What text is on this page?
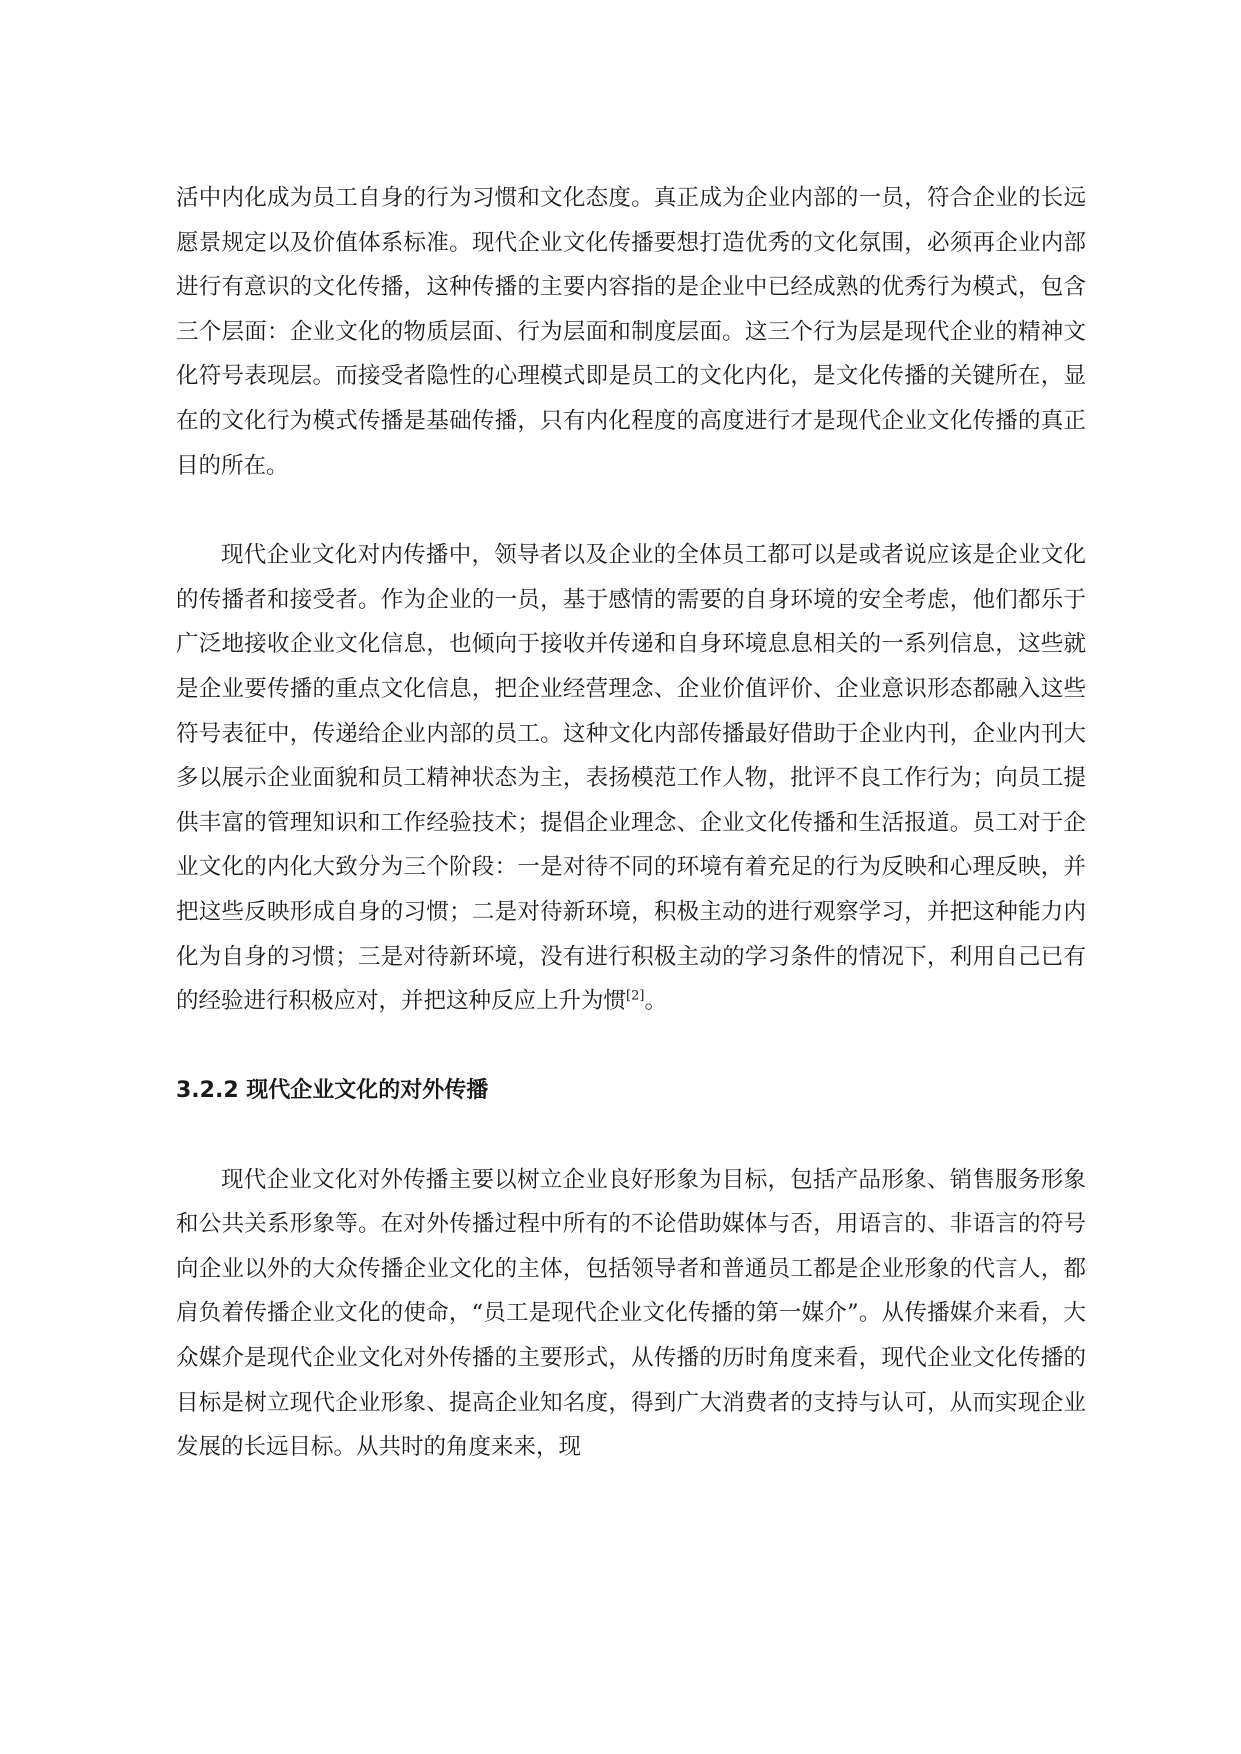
活中内化成为员工自身的行为习惯和文化态度。真正成为企业内部的一员，符合企业的长远愿景规定以及价值体系标准。现代企业文化传播要想打造优秀的文化氛围，必须再企业内部进行有意识的文化传播，这种传播的主要内容指的是企业中已经成熟的优秀行为模式，包含三个层面：企业文化的物质层面、行为层面和制度层面。这三个行为层是现代企业的精神文化符号表现层。而接受者隐性的心理模式即是员工的文化内化，是文化传播的关键所在，显在的文化行为模式传播是基础传播，只有内化程度的高度进行才是现代企业文化传播的真正目的所在。

现代企业文化对内传播中，领导者以及企业的全体员工都可以是或者说应该是企业文化的传播者和接受者。作为企业的一员，基于感情的需要的自身环境的安全考虑，他们都乐于广泛地接收企业文化信息，也倾向于接收并传递和自身环境息息相关的一系列信息，这些就是企业要传播的重点文化信息，把企业经营理念、企业价值评价、企业意识形态都融入这些符号表征中，传递给企业内部的员工。这种文化内部传播最好借助于企业内刊，企业内刊大多以展示企业面貌和员工精神状态为主，表扬模范工作人物，批评不良工作行为；向员工提供丰富的管理知识和工作经验技术；提倡企业理念、企业文化传播和生活报道。员工对于企业文化的内化大致分为三个阶段：一是对待不同的环境有着充足的行为反映和心理反映，并把这些反映形成自身的习惯；二是对待新环境，积极主动的进行观察学习，并把这种能力内化为自身的习惯；三是对待新环境，没有进行积极主动的学习条件的情况下，利用自己已有的经验进行积极应对，并把这种反应上升为惯[2]。

3.2.2 现代企业文化的对外传播

现代企业文化对外传播主要以树立企业良好形象为目标，包括产品形象、销售服务形象和公共关系形象等。在对外传播过程中所有的不论借助媒体与否，用语言的、非语言的符号向企业以外的大众传播企业文化的主体，包括领导者和普通员工都是企业形象的代言人，都肩负着传播企业文化的使命，“员工是现代企业文化传播的第一媒介”。从传播媒介来看，大众媒介是现代企业文化对外传播的主要形式，从传播的历时角度来看，现代企业文化传播的目标是树立现代企业形象、提高企业知名度，得到广大消费者的支持与认可，从而实现企业发展的长远目标。从共时的角度来来，现
